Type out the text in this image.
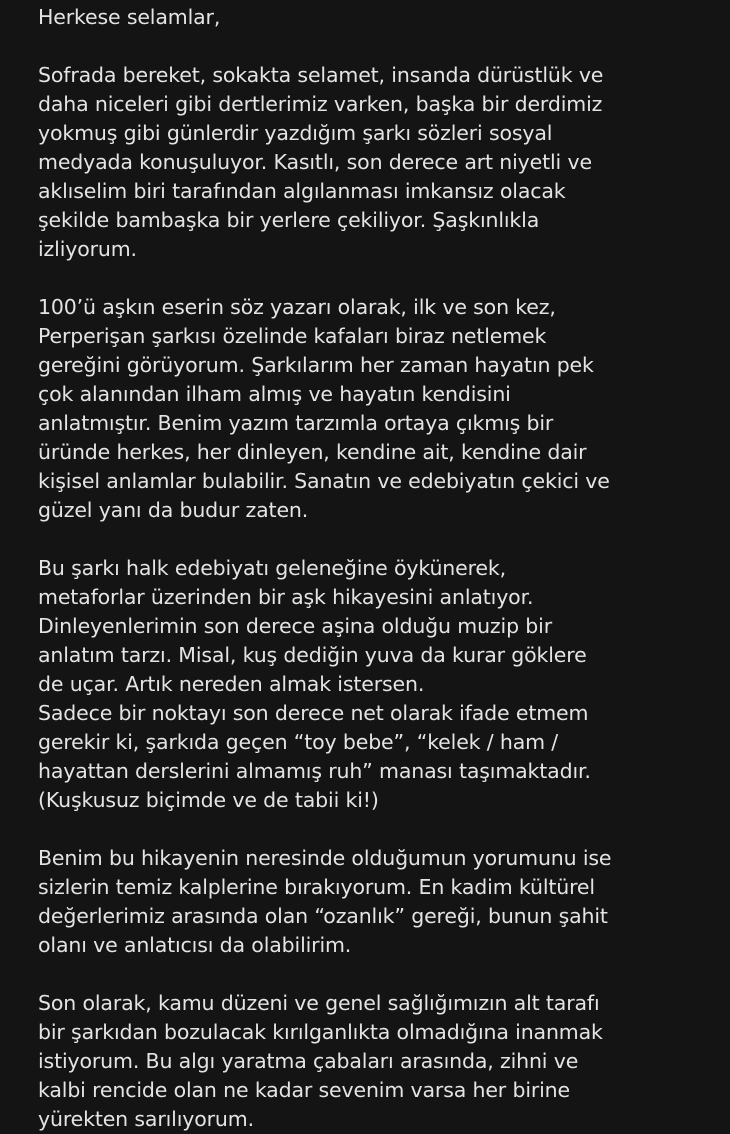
Herkese selamlar,
Sofrada bereket, sokakta selamet, insanda dürüstlük ve
daha niceleri gibi dertlerimiz varken, başka bir derdimiz
yokmuş gibi günlerdir yazdığım şarkı sözleri sosyal
medyada konuşuluyor. Kasıtlı, son derece art niyetli ve
aklıselim biri tarafından algılanması imkansız olacak
şekilde bambaşka bir yerlere çekiliyor. Şaşkınlıkla
izliyorum.
100’ü aşkın eserin söz yazarı olarak, ilk ve son kez,
Perperişan şarkısı özelinde kafaları biraz netlemek
gereğini görüyorum. Şarkılarım her zaman hayatın pek
çok alanından ilham almış ve hayatın kendisini
anlatmıştır. Benim yazım tarzımla ortaya çıkmış bir
üründe herkes, her dinleyen, kendine ait, kendine dair
kişisel anlamlar bulabilir. Sanatın ve edebiyatın çekici ve
güzel yanı da budur zaten.
Bu şarkı halk edebiyatı geleneğine öykünerek,
metaforlar üzerinden bir aşk hikayesini anlatıyor.
Dinleyenlerimin son derece aşina olduğu muzip bir
anlatım tarzı. Misal, kuş dediğin yuva da kurar göklere
de uçar. Artık nereden almak istersen.
Sadece bir noktayı son derece net olarak ifade etmem
gerekir ki, şarkıda geçen “toy bebe”, “kelek / ham /
hayattan derslerini almamış ruh” manası taşımaktadır.
(Kuşkusuz biçimde ve de tabii ki!)
Benim bu hikayenin neresinde olduğumun yorumunu ise
sizlerin temiz kalplerine bırakıyorum. En kadim kültürel
değerlerimiz arasında olan “ozanlık” gereği, bunun şahit
olanı ve anlatıcısı da olabilirim.
Son olarak, kamu düzeni ve genel sağlığımızın alt tarafı
bir şarkıdan bozulacak kırılganlıkta olmadığına inanmak
istiyorum. Bu algı yaratma çabaları arasında, zihni ve
kalbi rencide olan ne kadar sevenim varsa her birine
yürekten sarılıyorum.
